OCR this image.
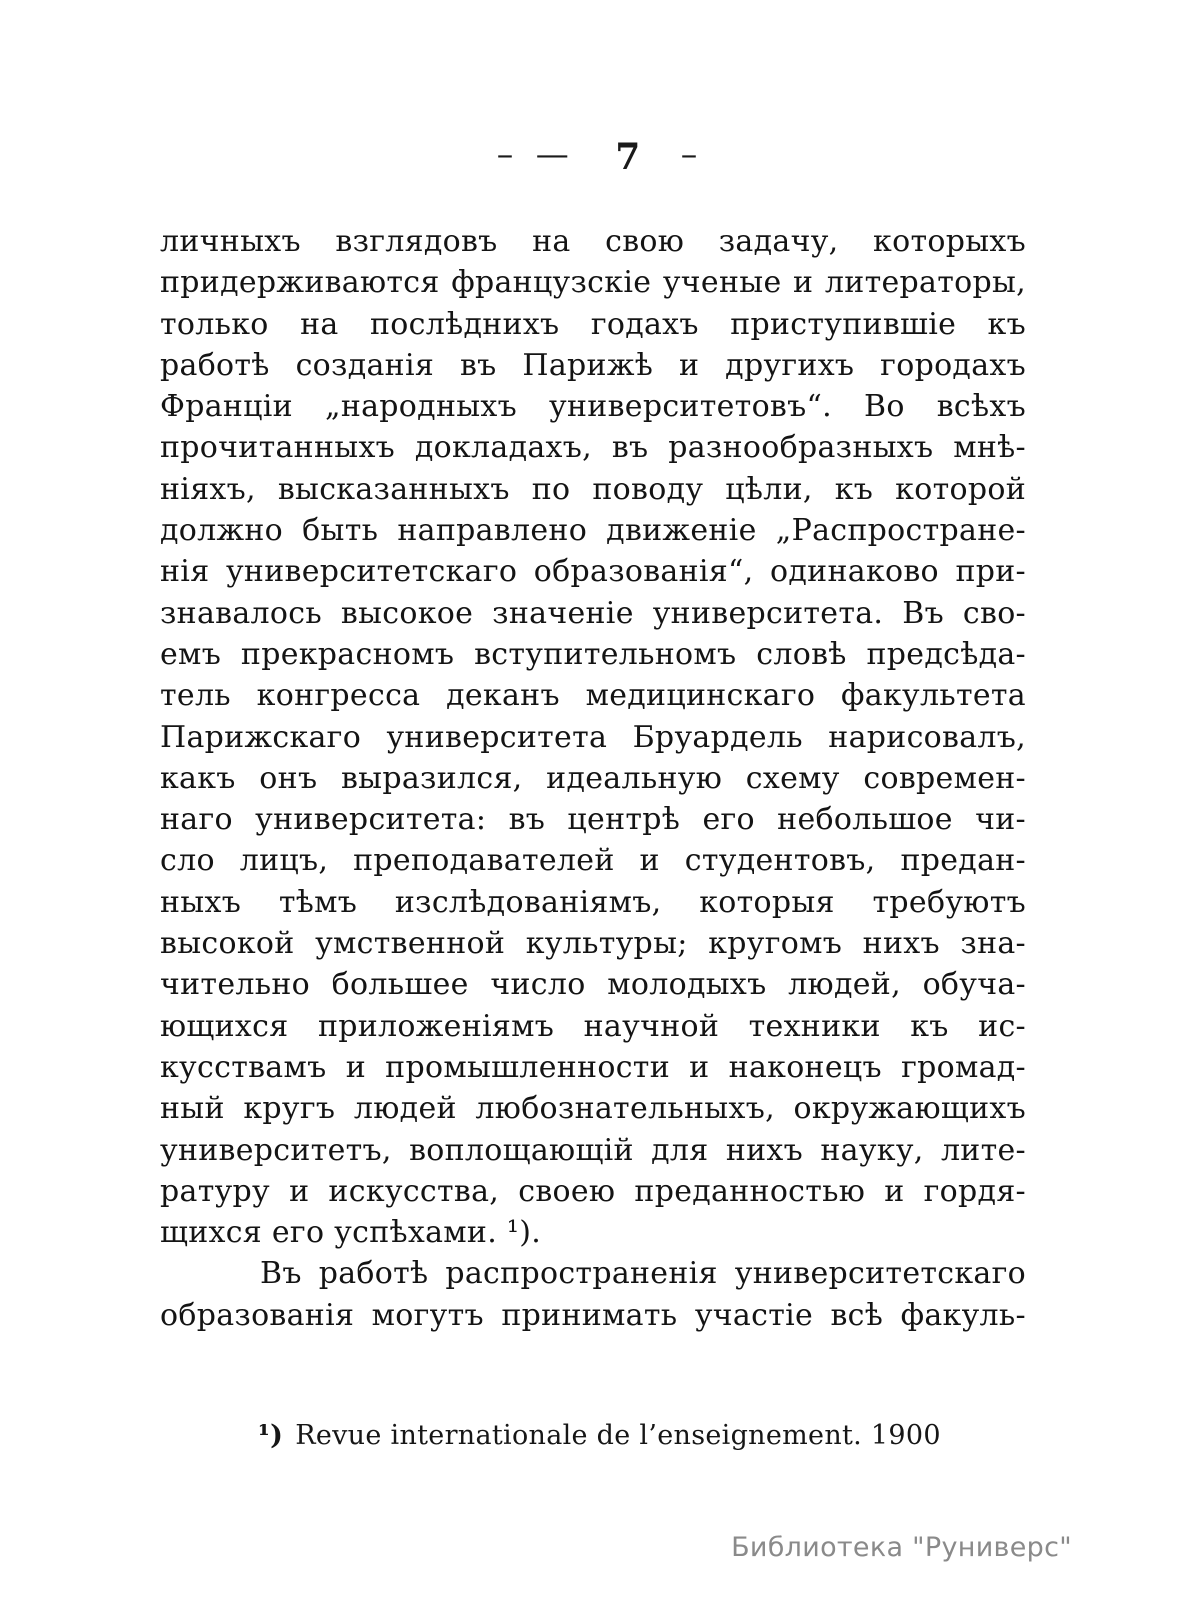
– — 7 –
личныхъ взглядовъ на свою задачу, которыхъ
придерживаются французскіе ученые и литераторы,
только на послѣднихъ годахъ приступившіе къ
работѣ созданія въ Парижѣ и другихъ городахъ
Франціи „народныхъ университетовъ“. Во всѣхъ
прочитанныхъ докладахъ, въ разнообразныхъ мнѣ-
ніяхъ, высказанныхъ по поводу цѣли, къ которой
должно быть направлено движеніе „Распростране-
нія университетскаго образованія“, одинаково при-
знавалось высокое значеніе университета. Въ сво-
емъ прекрасномъ вступительномъ словѣ предсѣда-
тель конгресса деканъ медицинскаго факультета
Парижскаго университета Бруардель нарисовалъ,
какъ онъ выразился, идеальную схему современ-
наго университета: въ центрѣ его небольшое чи-
сло лицъ, преподавателей и студентовъ, предан-
ныхъ тѣмъ изслѣдованіямъ, которыя требуютъ
высокой умственной культуры; кругомъ нихъ зна-
чительно большее число молодыхъ людей, обуча-
ющихся приложеніямъ научной техники къ ис-
кусствамъ и промышленности и наконецъ громад-
ный кругъ людей любознательныхъ, окружающихъ
университетъ, воплощающій для нихъ науку, лите-
ратуру и искусства, своею преданностью и гордя-
щихся его успѣхами. ¹).
Въ работѣ распространенія университетскаго
образованія могутъ принимать участіе всѣ факуль-
¹) Revue internationale de l’enseignement. 1900
Библиотека "Руниверс"
